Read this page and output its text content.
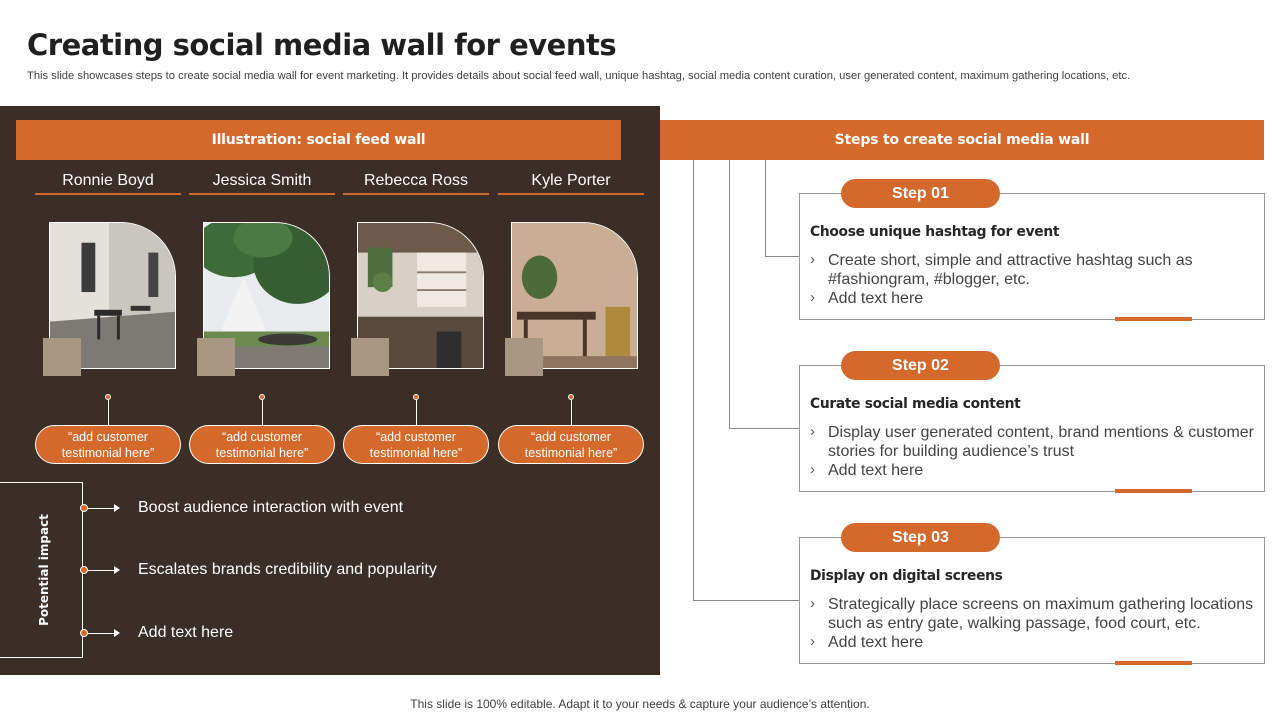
Creating social media wall for events
This slide showcases steps to create social media wall for event marketing. It provides details about social feed wall, unique hashtag, social media content curation, user generated content, maximum gathering locations, etc.
Illustration: social feed wall
Ronnie Boyd	Jessica Smith	Rebecca Ross	Kyle Porter
“add customer testimonial here”
“add customer testimonial here”
“add customer testimonial here”
“add customer testimonial here”
Potential impact
Boost audience interaction with event
Escalates brands credibility and popularity
Add text here
Steps to create social media wall
Choose unique hashtag for event
› Create short, simple and attractive hashtag such as #fashiongram, #blogger, etc.
› Add text here
Step 01
Curate social media content
› Display user generated content, brand mentions & customer stories for building audience’s trust
› Add text here
Step 02
Display on digital screens
› Strategically place screens on maximum gathering locations such as entry gate, walking passage, food court, etc.
› Add text here
Step 03
This slide is 100% editable. Adapt it to your needs & capture your audience’s attention.
